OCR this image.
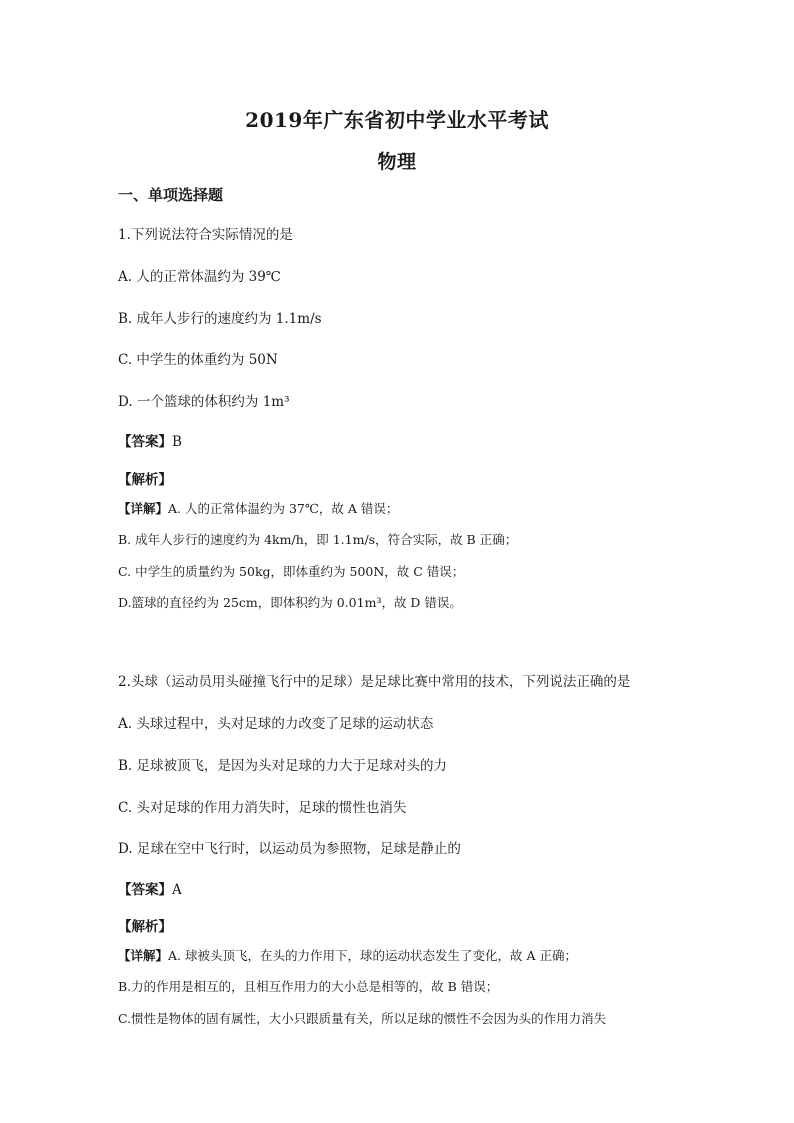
2019年广东省初中学业水平考试
物理
一、单项选择题
1.下列说法符合实际情况的是
A. 人的正常体温约为 39℃
B. 成年人步行的速度约为 1.1m/s
C. 中学生的体重约为 50N
D. 一个篮球的体积约为 1m³
【答案】B
【解析】
【详解】A. 人的正常体温约为 37℃，故 A 错误；
B. 成年人步行的速度约为 4km/h，即 1.1m/s，符合实际，故 B 正确；
C. 中学生的质量约为 50kg，即体重约为 500N，故 C 错误；
D.篮球的直径约为 25cm，即体积约为 0.01m³，故 D 错误。
2.头球（运动员用头碰撞飞行中的足球）是足球比赛中常用的技术，下列说法正确的是
A. 头球过程中，头对足球的力改变了足球的运动状态
B. 足球被顶飞，是因为头对足球的力大于足球对头的力
C. 头对足球的作用力消失时，足球的惯性也消失
D. 足球在空中飞行时，以运动员为参照物，足球是静止的
【答案】A
【解析】
【详解】A. 球被头顶飞，在头的力作用下，球的运动状态发生了变化，故 A 正确；
B.力的作用是相互的，且相互作用力的大小总是相等的，故 B 错误；
C.惯性是物体的固有属性，大小只跟质量有关，所以足球的惯性不会因为头的作用力消失
